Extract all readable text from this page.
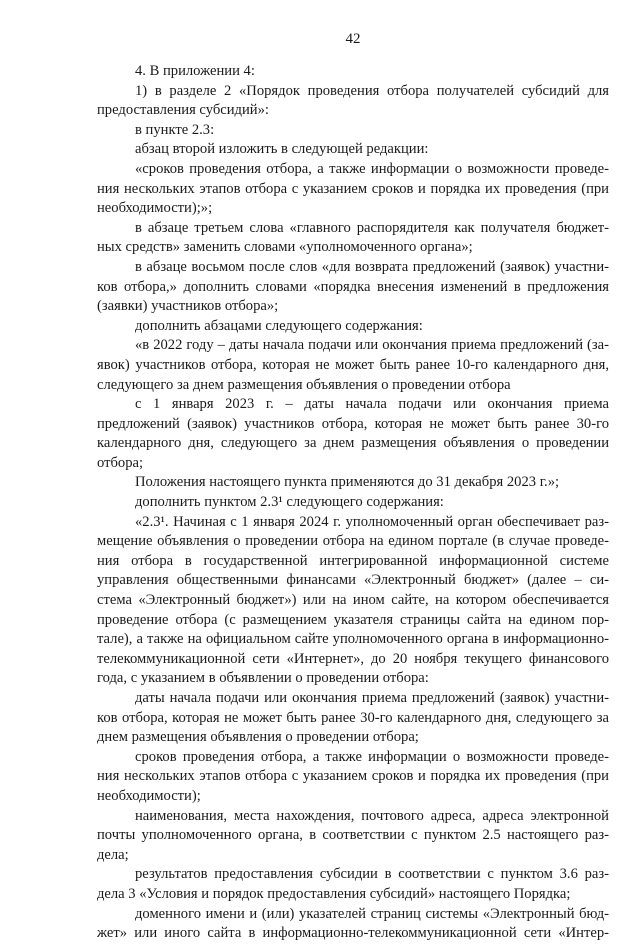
42
4. В приложении 4:
1) в разделе 2 «Порядок проведения отбора получателей субсидий для
предоставления субсидий»:
в пункте 2.3:
абзац второй изложить в следующей редакции:
«сроков проведения отбора, а также информации о возможности проведе-
ния нескольких этапов отбора с указанием сроков и порядка их проведения (при
необходимости);»;
в абзаце третьем слова «главного распорядителя как получателя бюджет-
ных средств» заменить словами «уполномоченного органа»;
в абзаце восьмом после слов «для возврата предложений (заявок) участни-
ков отбора,» дополнить словами «порядка внесения изменений в предложения
(заявки) участников отбора»;
дополнить абзацами следующего содержания:
«в 2022 году – даты начала подачи или окончания приема предложений (за-
явок) участников отбора, которая не может быть ранее 10-го календарного дня,
следующего за днем размещения объявления о проведении отбора
с 1 января 2023 г. – даты начала подачи или окончания приема
предложений (заявок) участников отбора, которая не может быть ранее 30-го
календарного дня, следующего за днем размещения объявления о проведении
отбора;
Положения настоящего пункта применяются до 31 декабря 2023 г.»;
дополнить пунктом 2.3¹ следующего содержания:
«2.3¹. Начиная с 1 января 2024 г. уполномоченный орган обеспечивает раз-
мещение объявления о проведении отбора на едином портале (в случае проведе-
ния отбора в государственной интегрированной информационной системе
управления общественными финансами «Электронный бюджет» (далее – си-
стема «Электронный бюджет») или на ином сайте, на котором обеспечивается
проведение отбора (с размещением указателя страницы сайта на едином пор-
тале), а также на официальном сайте уполномоченного органа в информационно-
телекоммуникационной сети «Интернет», до 20 ноября текущего финансового
года, с указанием в объявлении о проведении отбора:
даты начала подачи или окончания приема предложений (заявок) участни-
ков отбора, которая не может быть ранее 30-го календарного дня, следующего за
днем размещения объявления о проведении отбора;
сроков проведения отбора, а также информации о возможности проведе-
ния нескольких этапов отбора с указанием сроков и порядка их проведения (при
необходимости);
наименования, места нахождения, почтового адреса, адреса электронной
почты уполномоченного органа, в соответствии с пунктом 2.5 настоящего раз-
дела;
результатов предоставления субсидии в соответствии с пунктом 3.6 раз-
дела 3 «Условия и порядок предоставления субсидий» настоящего Порядка;
доменного имени и (или) указателей страниц системы «Электронный бюд-
жет» или иного сайта в информационно-телекоммуникационной сети «Интер-
